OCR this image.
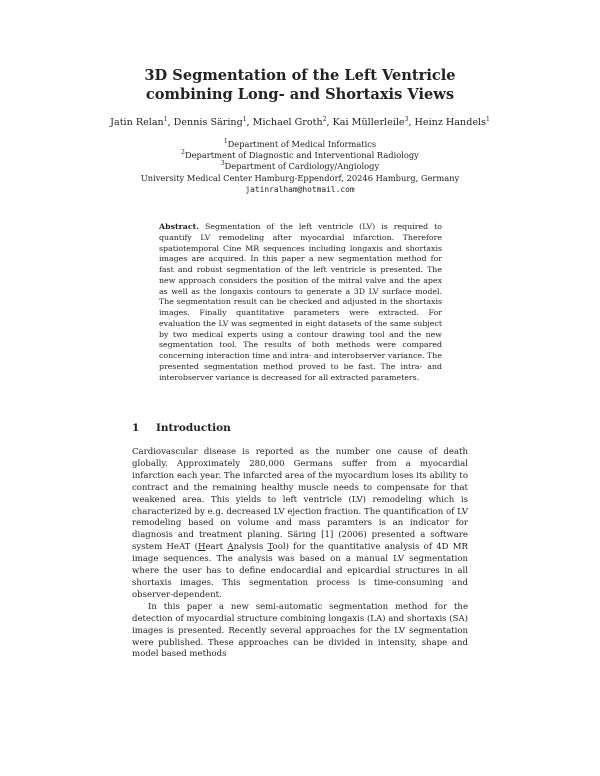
3D Segmentation of the Left Ventricle
combining Long- and Shortaxis Views
Jatin Relan$^1$, Dennis Säring$^1$, Michael Groth$^2$, Kai Müllerleile$^3$, Heinz Handels$^1$
$^1$Department of Medical Informatics
$^2$Department of Diagnostic and Interventional Radiology
$^3$Department of Cardiology/Angiology
University Medical Center Hamburg-Eppendorf, 20246 Hamburg, Germany
jatinralham@hotmail.com
Abstract. Segmentation of the left ventricle (LV) is required to quantify LV remodeling after myocardial infarction. Therefore spatiotemporal Cine MR sequences including longaxis and shortaxis images are acquired. In this paper a new segmentation method for fast and robust segmentation of the left ventricle is presented. The new approach considers the position of the mitral valve and the apex as well as the longaxis contours to generate a 3D LV surface model. The segmentation result can be checked and adjusted in the shortaxis images. Finally quantitative parameters were extracted. For evaluation the LV was segmented in eight datasets of the same subject by two medical experts using a contour drawing tool and the new segmentation tool. The results of both methods were compared concerning interaction time and intra- and interobserver variance. The presented segmentation method proved to be fast. The intra- and interobserver variance is decreased for all extracted parameters.
1 Introduction

Cardiovascular disease is reported as the number one cause of death globally. Approximately 280,000 Germans suffer from a myocardial infarction each year. The infarcted area of the myocardium loses its ability to contract and the remaining healthy muscle needs to compensate for that weakened area. This yields to left ventricle (LV) remodeling which is characterized by e.g. decreased LV ejection fraction. The quantification of LV remodeling based on volume and mass paramters is an indicator for diagnosis and treatment planing. Säring [1] (2006) presented a software system HeAT (Heart Analysis Tool) for the quantitative analysis of 4D MR image sequences. The analysis was based on a manual LV segmentation where the user has to define endocardial and epicardial structures in all shortaxis images. This segmentation process is time-consuming and observer-dependent.

In this paper a new semi-automatic segmentation method for the detection of myocardial structure combining longaxis (LA) and shortaxis (SA) images is presented. Recently several approaches for the LV segmentation were published. These approaches can be divided in intensity, shape and model based methods
